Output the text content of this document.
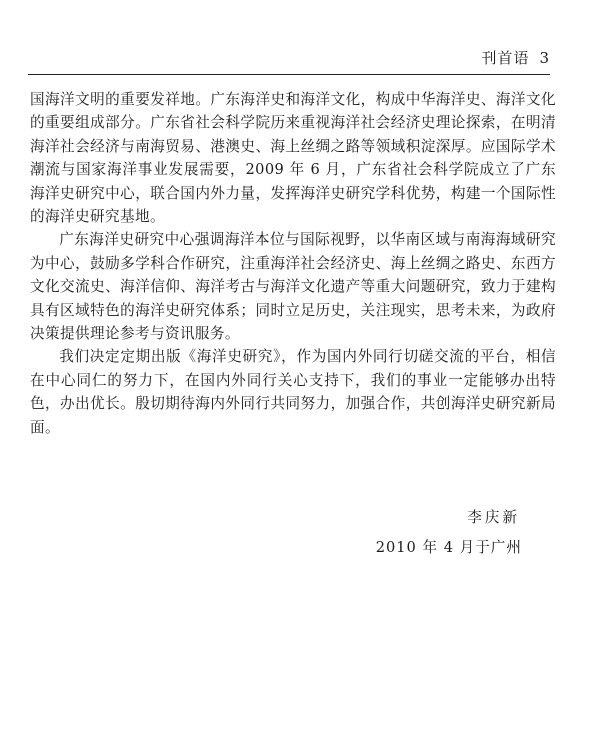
刊首语 3

国海洋文明的重要发祥地。广东海洋史和海洋文化，构成中华海洋史、海洋文化的重要组成部分。广东省社会科学院历来重视海洋社会经济史理论探索，在明清海洋社会经济与南海贸易、港澳史、海上丝绸之路等领域积淀深厚。应国际学术潮流与国家海洋事业发展需要，2009 年 6 月，广东省社会科学院成立了广东海洋史研究中心，联合国内外力量，发挥海洋史研究学科优势，构建一个国际性的海洋史研究基地。

广东海洋史研究中心强调海洋本位与国际视野，以华南区域与南海海域研究为中心，鼓励多学科合作研究，注重海洋社会经济史、海上丝绸之路史、东西方文化交流史、海洋信仰、海洋考古与海洋文化遗产等重大问题研究，致力于建构具有区域特色的海洋史研究体系；同时立足历史，关注现实，思考未来，为政府决策提供理论参考与资讯服务。

我们决定定期出版《海洋史研究》，作为国内外同行切磋交流的平台，相信在中心同仁的努力下，在国内外同行关心支持下，我们的事业一定能够办出特色，办出优长。殷切期待海内外同行共同努力，加强合作，共创海洋史研究新局面。

李庆新
2010 年 4 月于广州
